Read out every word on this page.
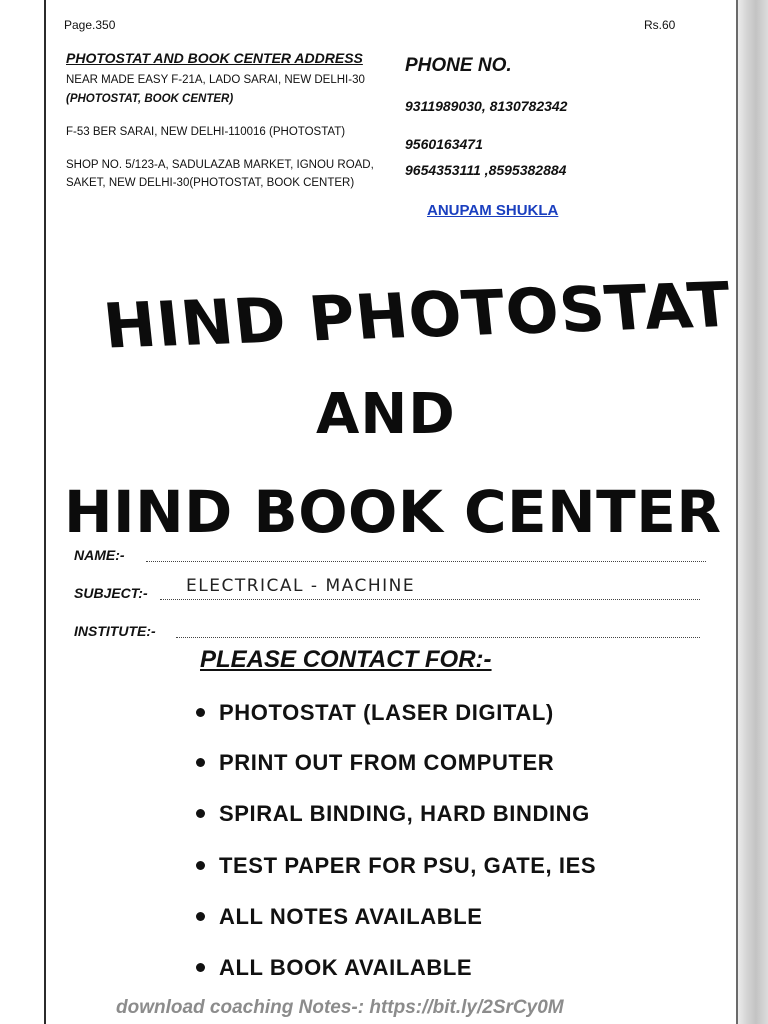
Page.350	Rs.60
PHOTOSTAT AND BOOK CENTER ADDRESS
NEAR MADE EASY F-21A, LADO SARAI, NEW DELHI-30
(PHOTOSTAT, BOOK CENTER)
F-53 BER SARAI, NEW DELHI-110016 (PHOTOSTAT)
SHOP NO. 5/123-A, SADULAZAB MARKET, IGNOU ROAD,
SAKET, NEW DELHI-30(PHOTOSTAT, BOOK CENTER)
PHONE NO.
9311989030, 8130782342
9560163471
9654353111 ,8595382884
ANUPAM SHUKLA
HIND PHOTOSTAT
AND
HIND BOOK CENTER
NAME:-
SUBJECT:- ELECTRICAL - MACHINE
INSTITUTE:-
PLEASE CONTACT FOR:-
PHOTOSTAT (LASER DIGITAL)
PRINT OUT FROM COMPUTER
SPIRAL BINDING, HARD BINDING
TEST PAPER FOR PSU, GATE, IES
ALL NOTES AVAILABLE
ALL BOOK AVAILABLE
download coaching Notes-: https://bit.ly/2SrCy0M
